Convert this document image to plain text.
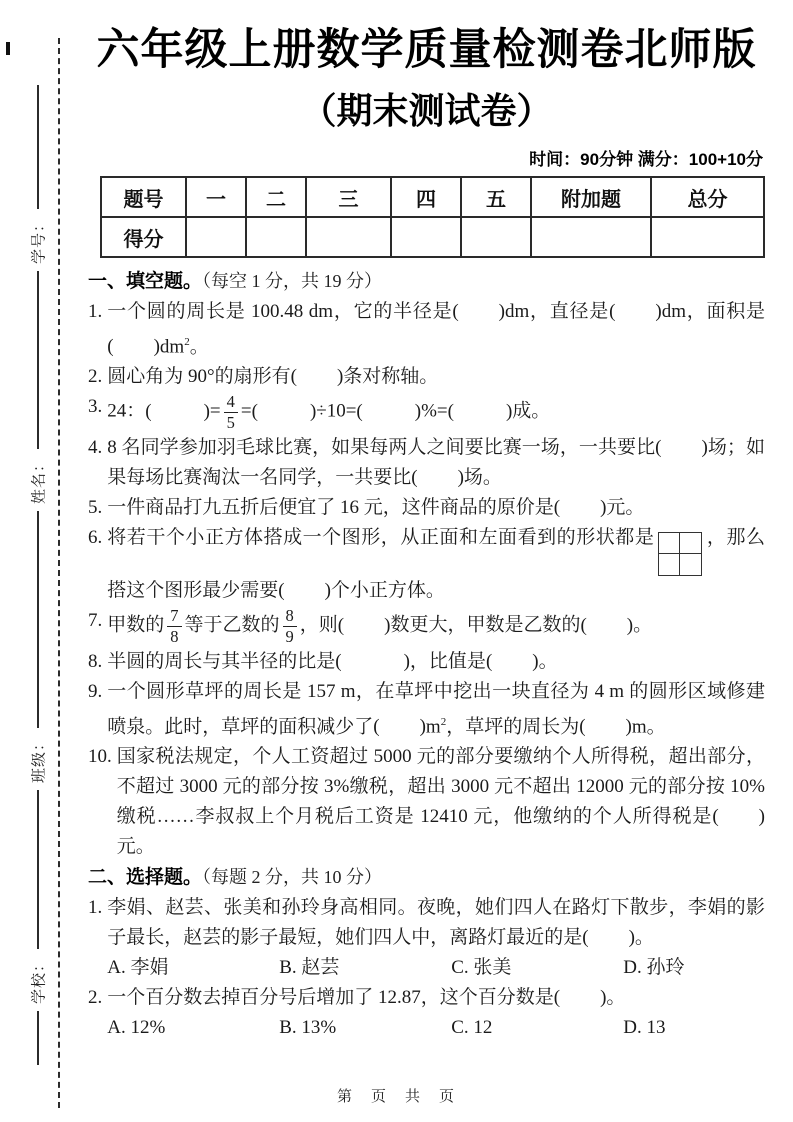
学号：
姓名：
班级：
学校：
六年级上册数学质量检测卷北师版
（期末测试卷）
时间：90分钟 满分：100+10分
题号	一	二	三	四	五	附加题	总分
得分							
一、填空题。（每空 1 分，共 19 分）
1. 一个圆的周长是 100.48 dm，它的半径是( )dm，直径是( )dm，面积是( )$dm^2$。
2. 圆心角为 90°的扇形有( )条对称轴。
3. 24：(	)= $\frac{4}{5}$ =(	)÷10=(	)%=(	)成。
4. 8 名同学参加羽毛球比赛，如果每两人之间要比赛一场，一共要比( )场；如果每场比赛淘汰一名同学，一共要比( )场。
5. 一件商品打九五折后便宜了 16 元，这件商品的原价是( )元。
6. 将若干个小正方体搭成一个图形，从正面和左面看到的形状都是	，那么搭这个图形最少需要( )个小正方体。
7. 甲数的 $\frac{7}{8}$ 等于乙数的 $\frac{8}{9}$ ，则( )数更大，甲数是乙数的( )。
8. 半圆的周长与其半径的比是(	)，比值是( )。
9. 一个圆形草坪的周长是 157 m，在草坪中挖出一块直径为 4 m 的圆形区域修建喷泉。此时，草坪的面积减少了( )$m^2$，草坪的周长为( )m。
10. 国家税法规定，个人工资超过 5000 元的部分要缴纳个人所得税，超出部分，不超过 3000 元的部分按 3%缴税，超出 3000 元不超出 12000 元的部分按 10%缴税……李叔叔上个月税后工资是 12410 元，他缴纳的个人所得税是( )元。
二、选择题。（每题 2 分，共 10 分）
1. 李娟、赵芸、张美和孙玲身高相同。夜晚，她们四人在路灯下散步，李娟的影子最长，赵芸的影子最短，她们四人中，离路灯最近的是( )。
A. 李娟	B. 赵芸	C. 张美	D. 孙玲
2. 一个百分数去掉百分号后增加了 12.87，这个百分数是( )。
A. 12%	B. 13%	C. 12	D. 13
第　页　共　页
